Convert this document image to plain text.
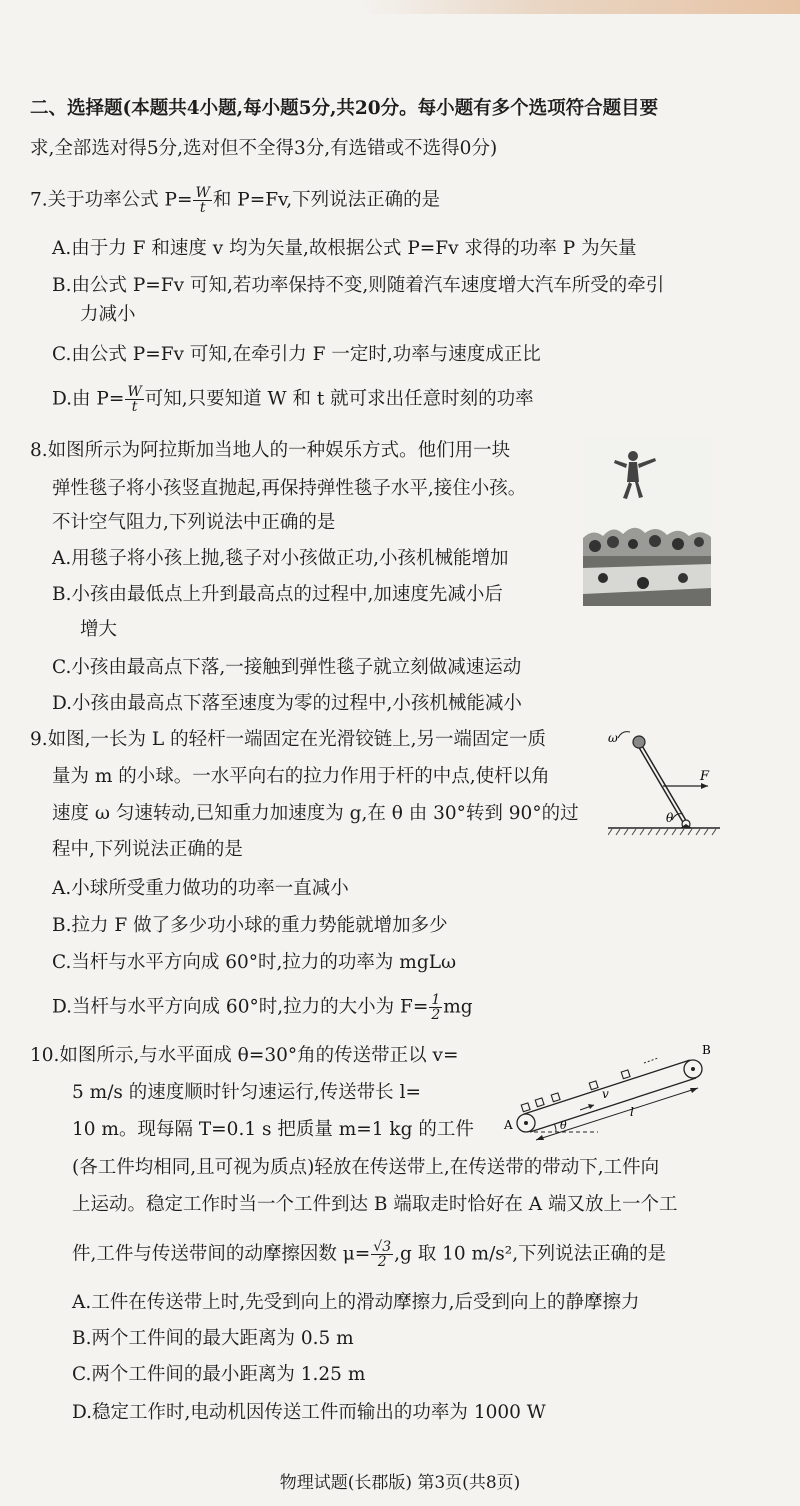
二、选择题(本题共4小题,每小题5分,共20分。每小题有多个选项符合题目要
求,全部选对得5分,选对但不全得3分,有选错或不选得0分)
7.关于功率公式 $P= \frac{W}{t}$ 和 P=Fv,下列说法正确的是
A.由于力 F 和速度 v 均为矢量,故根据公式 P=Fv 求得的功率 P 为矢量
B.由公式 P=Fv 可知,若功率保持不变,则随着汽车速度增大汽车所受的牵引
力减小
C.由公式 P=Fv 可知,在牵引力 F 一定时,功率与速度成正比
D.由 $P= \frac{W}{t}$ 可知,只要知道 W 和 t 就可求出任意时刻的功率
8.如图所示为阿拉斯加当地人的一种娱乐方式。他们用一块
弹性毯子将小孩竖直抛起,再保持弹性毯子水平,接住小孩。
不计空气阻力,下列说法中正确的是
A.用毯子将小孩上抛,毯子对小孩做正功,小孩机械能增加
B.小孩由最低点上升到最高点的过程中,加速度先减小后
增大
C.小孩由最高点下落,一接触到弹性毯子就立刻做减速运动
D.小孩由最高点下落至速度为零的过程中,小孩机械能减小
9.如图,一长为 L 的轻杆一端固定在光滑铰链上,另一端固定一质
量为 m 的小球。一水平向右的拉力作用于杆的中点,使杆以角
速度 ω 匀速转动,已知重力加速度为 g,在 θ 由 30°转到 90°的过
程中,下列说法正确的是
A.小球所受重力做功的功率一直减小
B.拉力 F 做了多少功小球的重力势能就增加多少
C.当杆与水平方向成 60°时,拉力的功率为 mgLω
D.当杆与水平方向成 60°时,拉力的大小为 $F= \frac{1}{2}$ mg
ω
F
θ
10.如图所示,与水平面成 θ=30°角的传送带正以 v=
5 m/s 的速度顺时针匀速运行,传送带长 l=
10 m。现每隔 T=0.1 s 把质量 m=1 kg 的工件
(各工件均相同,且可视为质点)轻放在传送带上,在传送带的带动下,工件向
上运动。稳定工作时当一个工件到达 B 端取走时恰好在 A 端又放上一个工
件,工件与传送带间的动摩擦因数 $\mu= \frac{√3}{2} ,g$ 取 10 m/s²,下列说法正确的是
A.工件在传送带上时,先受到向上的滑动摩擦力,后受到向上的静摩擦力
B.两个工件间的最大距离为 0.5 m
C.两个工件间的最小距离为 1.25 m
D.稳定工作时,电动机因传送工件而输出的功率为 1000 W
A
B
v
l
θ
物理试题(长郡版) 第3页(共8页)
